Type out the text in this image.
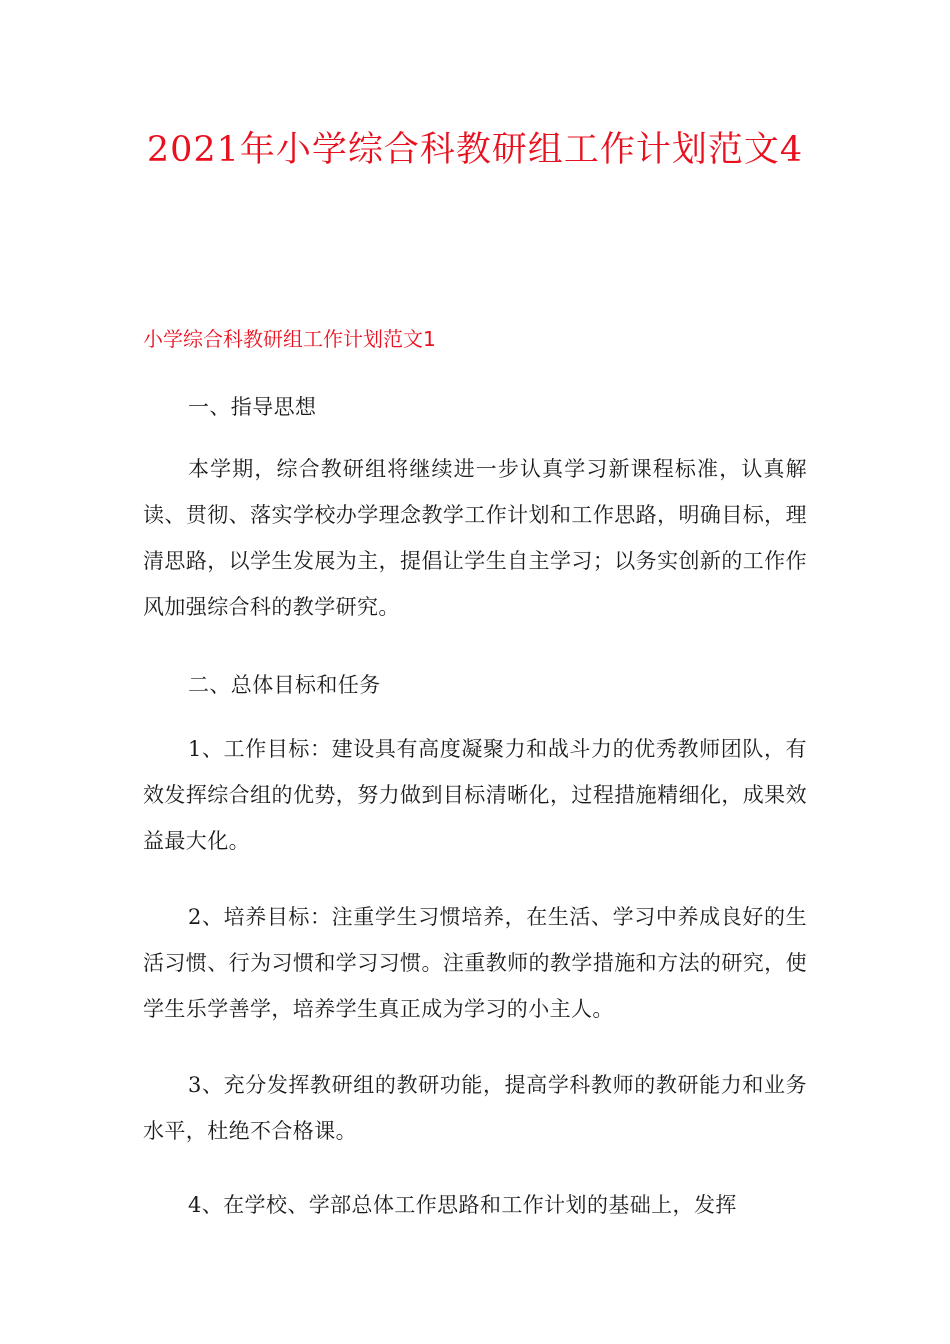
2021年小学综合科教研组工作计划范文4
小学综合科教研组工作计划范文1

一、指导思想

本学期，综合教研组将继续进一步认真学习新课程标准，认真解读、贯彻、落实学校办学理念教学工作计划和工作思路，明确目标，理清思路，以学生发展为主，提倡让学生自主学习；以务实创新的工作作风加强综合科的教学研究。

二、总体目标和任务

1、工作目标：建设具有高度凝聚力和战斗力的优秀教师团队，有效发挥综合组的优势，努力做到目标清晰化，过程措施精细化，成果效益最大化。

2、培养目标：注重学生习惯培养，在生活、学习中养成良好的生活习惯、行为习惯和学习习惯。注重教师的教学措施和方法的研究，使学生乐学善学，培养学生真正成为学习的小主人。

3、充分发挥教研组的教研功能，提高学科教师的教研能力和业务水平，杜绝不合格课。

4、在学校、学部总体工作思路和工作计划的基础上，发挥
